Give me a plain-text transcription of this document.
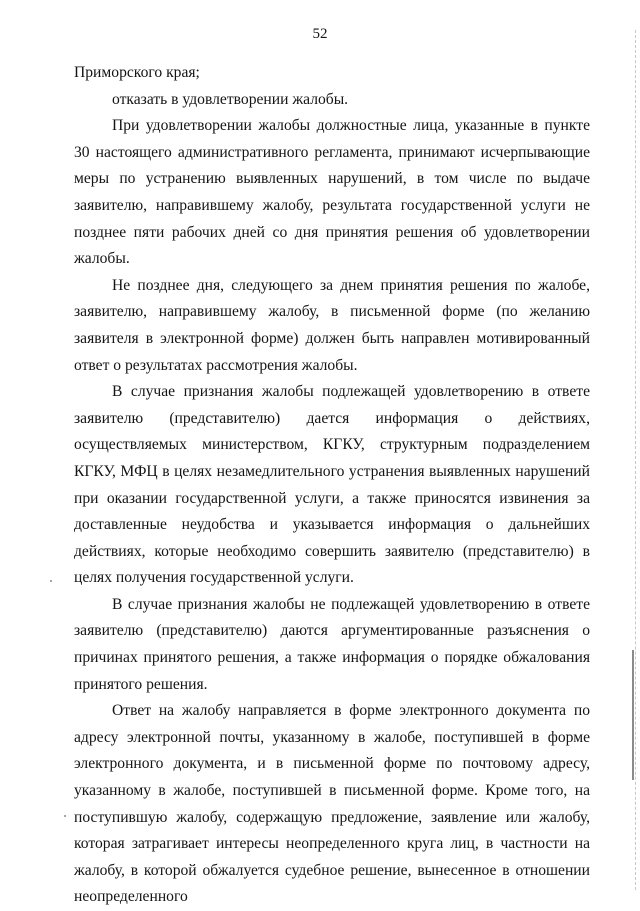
52

Приморского края;

отказать в удовлетворении жалобы.

При удовлетворении жалобы должностные лица, указанные в пункте 30 настоящего административного регламента, принимают исчерпывающие меры по устранению выявленных нарушений, в том числе по выдаче заявителю, направившему жалобу, результата государственной услуги не позднее пяти рабочих дней со дня принятия решения об удовлетворении жалобы.

Не позднее дня, следующего за днем принятия решения по жалобе, заявителю, направившему жалобу, в письменной форме (по желанию заявителя в электронной форме) должен быть направлен мотивированный ответ о результатах рассмотрения жалобы.

В случае признания жалобы подлежащей удовлетворению в ответе заявителю (представителю) дается информация о действиях, осуществляемых министерством, КГКУ, структурным подразделением КГКУ, МФЦ в целях незамедлительного устранения выявленных нарушений при оказании государственной услуги, а также приносятся извинения за доставленные неудобства и указывается информация о дальнейших действиях, которые необходимо совершить заявителю (представителю) в целях получения государственной услуги.

В случае признания жалобы не подлежащей удовлетворению в ответе заявителю (представителю) даются аргументированные разъяснения о причинах принятого решения, а также информация о порядке обжалования принятого решения.

Ответ на жалобу направляется в форме электронного документа по адресу электронной почты, указанному в жалобе, поступившей в форме электронного документа, и в письменной форме по почтовому адресу, указанному в жалобе, поступившей в письменной форме. Кроме того, на поступившую жалобу, содержащую предложение, заявление или жалобу, которая затрагивает интересы неопределенного круга лиц, в частности на жалобу, в которой обжалуется судебное решение, вынесенное в отношении неопределенного
